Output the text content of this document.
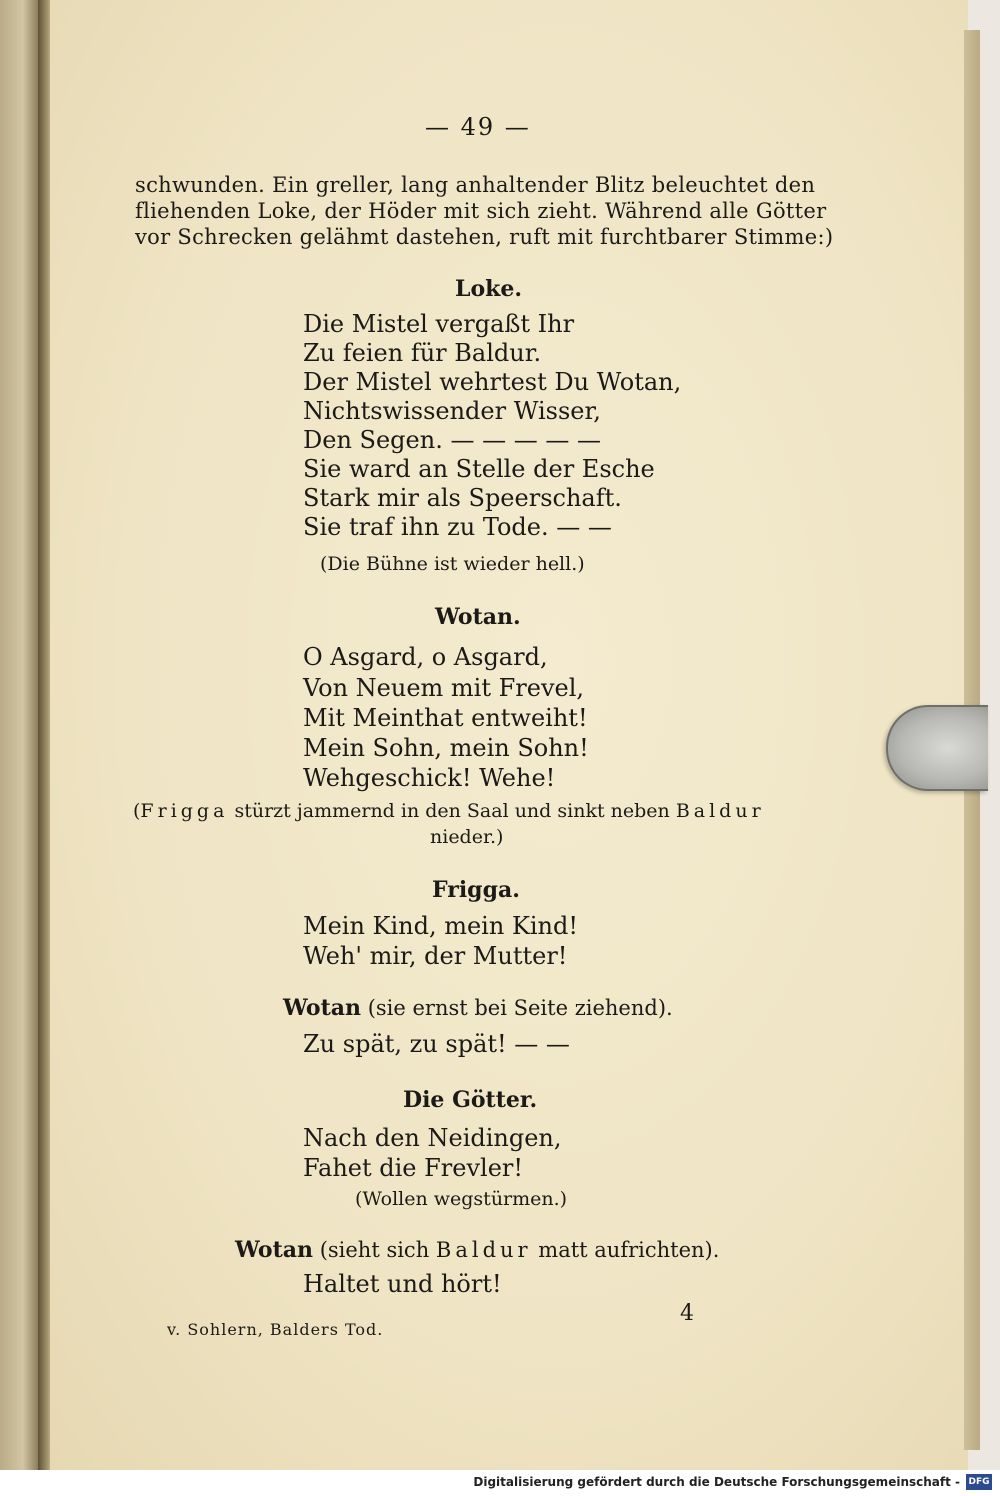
— 49 —

schwunden. Ein greller, lang anhaltender Blitz beleuchtet den

fliehenden Loke, der Höder mit sich zieht. Während alle Götter

vor Schrecken gelähmt dastehen, ruft mit furchtbarer Stimme:)

Loke.

Die Mistel vergaßt Ihr

Zu feien für Baldur.

Der Mistel wehrtest Du Wotan,

Nichtswissender Wisser,

Den Segen. — — — — —

Sie ward an Stelle der Esche

Stark mir als Speerschaft.

Sie traf ihn zu Tode. — —

(Die Bühne ist wieder hell.)

Wotan.

O Asgard, o Asgard,

Von Neuem mit Frevel,

Mit Meinthat entweiht!

Mein Sohn, mein Sohn!

Wehgeschick! Wehe!

(Frigga stürzt jammernd in den Saal und sinkt neben Baldur

nieder.)

Frigga.

Mein Kind, mein Kind!

Weh' mir, der Mutter!

Wotan (sie ernst bei Seite ziehend).

Zu spät, zu spät! — —

Die Götter.

Nach den Neidingen,

Fahet die Frevler!

(Wollen wegstürmen.)

Wotan (sieht sich Baldur matt aufrichten).

Haltet und hört!

v. Sohlern, Balders Tod.

4

Digitalisierung gefördert durch die Deutsche Forschungsgemeinschaft - DFG
